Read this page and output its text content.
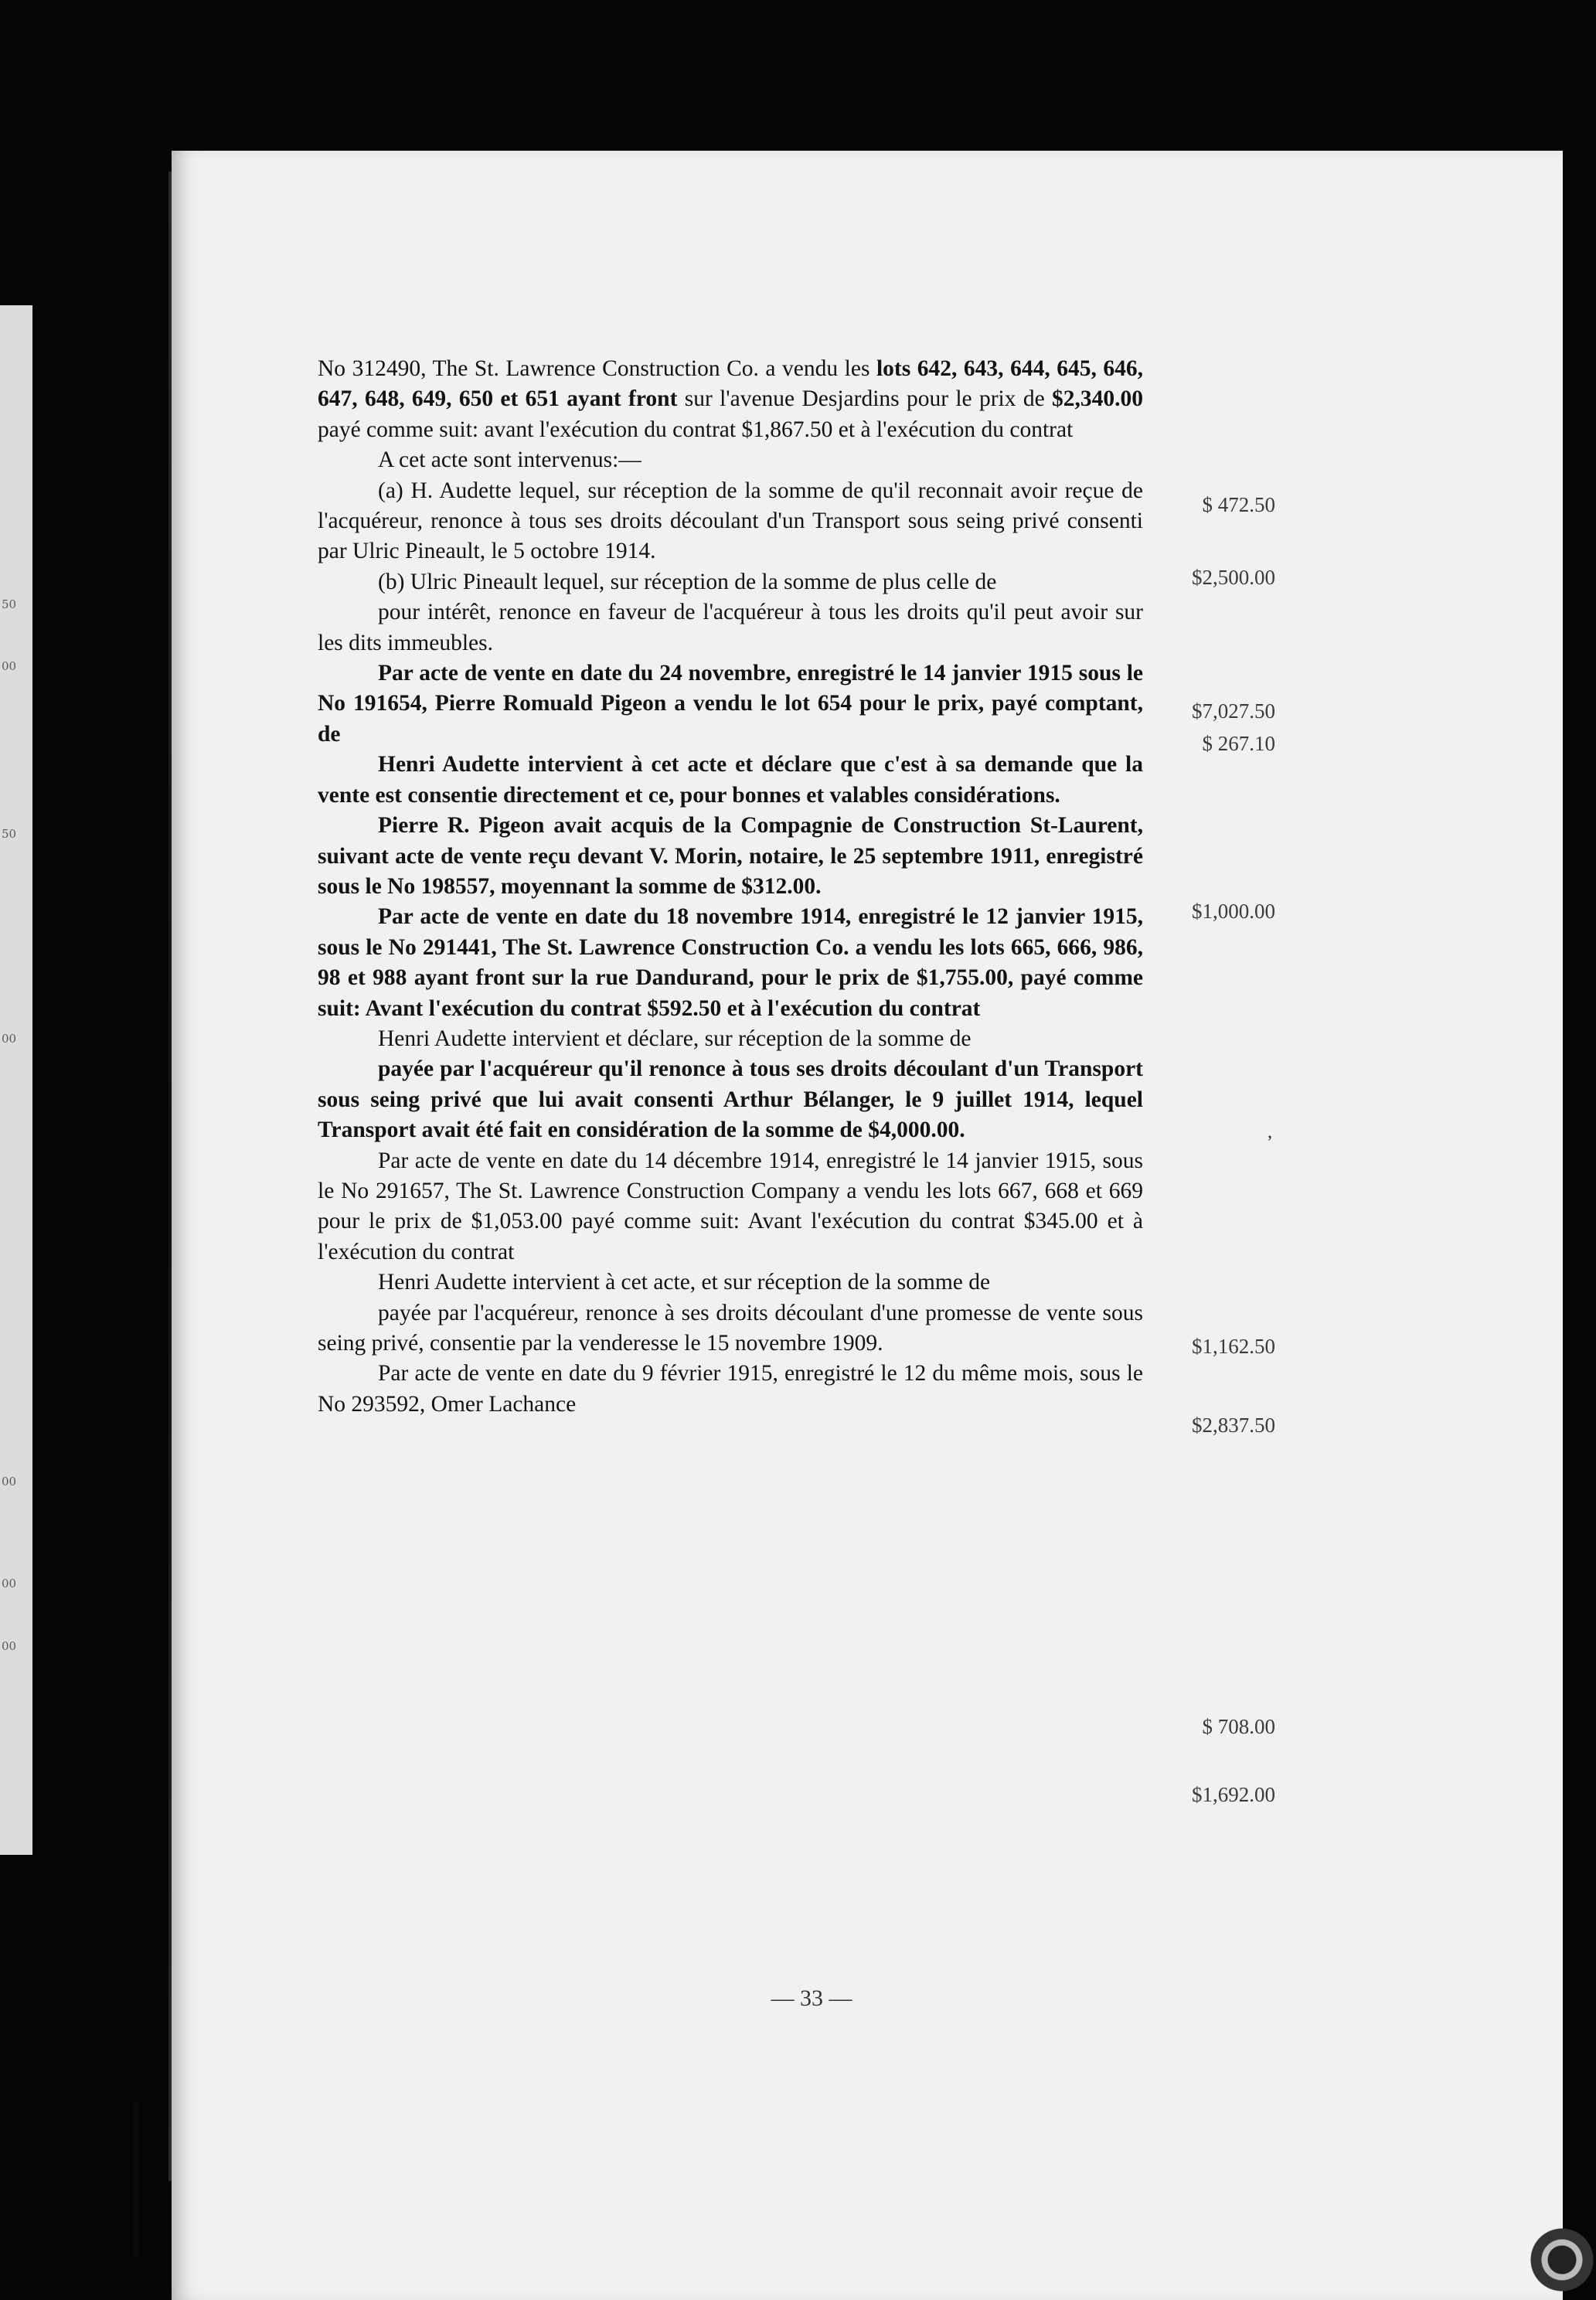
50
00
50
00
00
00
00

No 312490, The St. Lawrence Construction Co. a vendu les lots 642, 643, 644, 645, 646, 647, 648, 649, 650 et 651 ayant front sur l'avenue Desjardins pour le prix de $2,340.00 payé comme suit: avant l'exécution du contrat $1,867.50 et à l'exécution du contrat

A cet acte sont intervenus:—

(a) H. Audette lequel, sur réception de la somme de qu'il reconnait avoir reçue de l'acquéreur, renonce à tous ses droits découlant d'un Transport sous seing privé consenti par Ulric Pineault, le 5 octobre 1914.

(b) Ulric Pineault lequel, sur réception de la somme de plus celle de

pour intérêt, renonce en faveur de l'acquéreur à tous les droits qu'il peut avoir sur les dits immeubles.

Par acte de vente en date du 24 novembre, enregistré le 14 janvier 1915 sous le No 191654, Pierre Romuald Pigeon a vendu le lot 654 pour le prix, payé comptant, de

Henri Audette intervient à cet acte et déclare que c'est à sa demande que la vente est consentie directement et ce, pour bonnes et valables considérations.

Pierre R. Pigeon avait acquis de la Compagnie de Construction St-Laurent, suivant acte de vente reçu devant V. Morin, notaire, le 25 septembre 1911, enregistré sous le No 198557, moyennant la somme de $312.00.

Par acte de vente en date du 18 novembre 1914, enregistré le 12 janvier 1915, sous le No 291441, The St. Lawrence Construction Co. a vendu les lots 665, 666, 986, 98 et 988 ayant front sur la rue Dandurand, pour le prix de $1,755.00, payé comme suit: Avant l'exécution du contrat $592.50 et à l'exécution du contrat

Henri Audette intervient et déclare, sur réception de la somme de

payée par l'acquéreur qu'il renonce à tous ses droits découlant d'un Transport sous seing privé que lui avait consenti Arthur Bélanger, le 9 juillet 1914, lequel Transport avait été fait en considération de la somme de $4,000.00.

Par acte de vente en date du 14 décembre 1914, enregistré le 14 janvier 1915, sous le No 291657, The St. Lawrence Construction Company a vendu les lots 667, 668 et 669 pour le prix de $1,053.00 payé comme suit: Avant l'exécution du contrat $345.00 et à l'exécution du contrat

Henri Audette intervient à cet acte, et sur réception de la somme de

payée par l'acquéreur, renonce à ses droits découlant d'une promesse de vente sous seing privé, consentie par la venderesse le 15 novembre 1909.

Par acte de vente en date du 9 février 1915, enregistré le 12 du même mois, sous le No 293592, Omer Lachance

$ 472.50
$2,500.00
$7,027.50
$ 267.10
$1,000.00
$1,162.50
$2,837.50
$ 708.00
$1,692.00
,
— 33 —
